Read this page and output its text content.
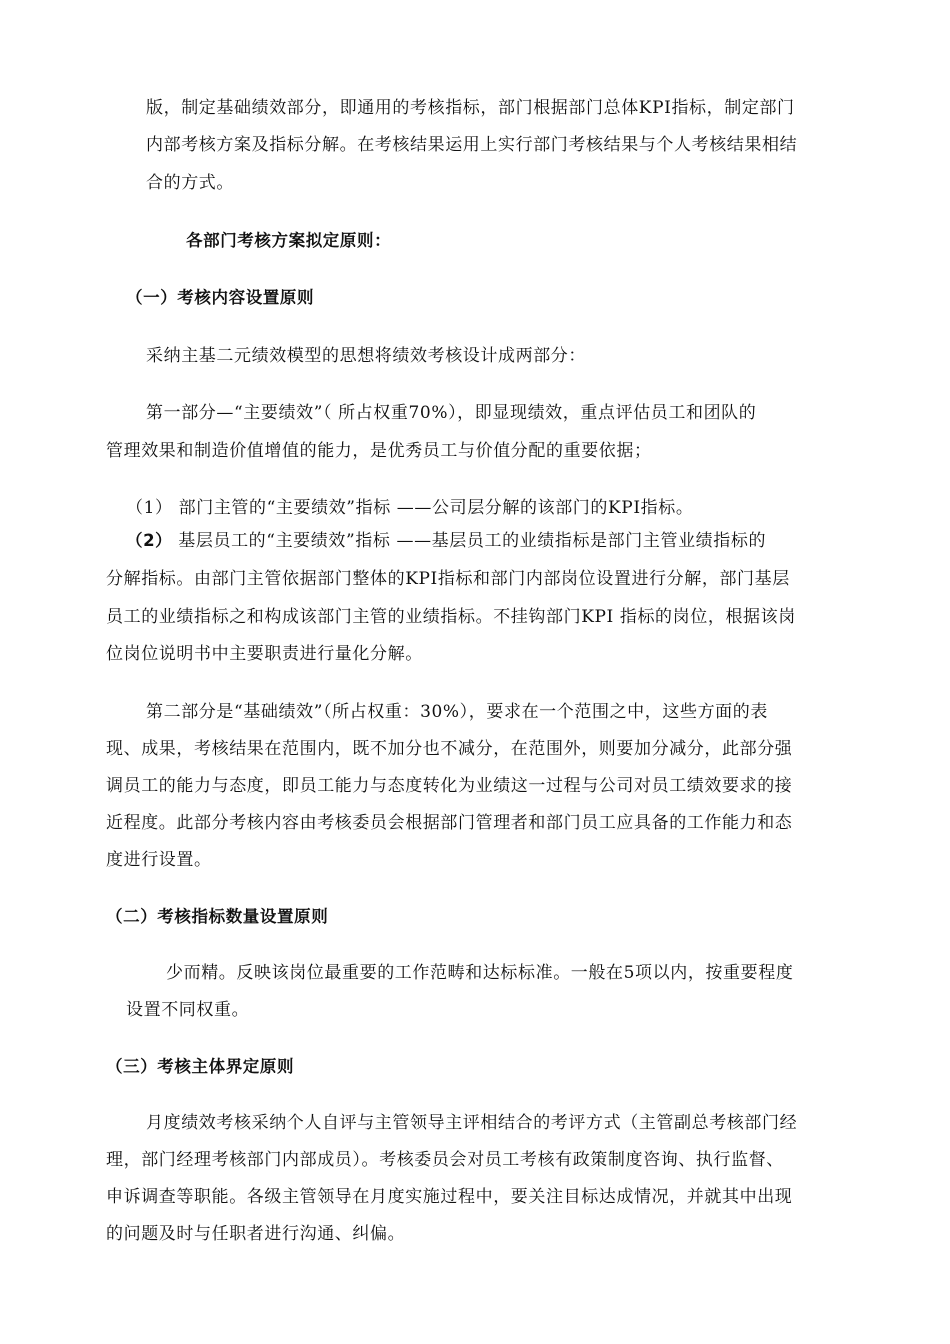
版，制定基础绩效部分，即通用的考核指标，部门根据部门总体KPI指标，制定部门
内部考核方案及指标分解。在考核结果运用上实行部门考核结果与个人考核结果相结
合的方式。
各部门考核方案拟定原则：
（一）考核内容设置原则
采纳主基二元绩效模型的思想将绩效考核设计成两部分：
第一部分—“主要绩效”（ 所占权重70%），即显现绩效，重点评估员工和团队的
管理效果和制造价值增值的能力，是优秀员工与价值分配的重要依据；
（1） 部门主管的“主要绩效”指标 ——公司层分解的该部门的KPI指标。
（2） 基层员工的“主要绩效”指标 ——基层员工的业绩指标是部门主管业绩指标的
分解指标。由部门主管依据部门整体的KPI指标和部门内部岗位设置进行分解，部门基层
员工的业绩指标之和构成该部门主管的业绩指标。不挂钩部门KPI 指标的岗位，根据该岗
位岗位说明书中主要职责进行量化分解。
第二部分是“基础绩效”（所占权重：30%），要求在一个范围之中，这些方面的表
现、成果，考核结果在范围内，既不加分也不减分，在范围外，则要加分减分，此部分强
调员工的能力与态度，即员工能力与态度转化为业绩这一过程与公司对员工绩效要求的接
近程度。此部分考核内容由考核委员会根据部门管理者和部门员工应具备的工作能力和态
度进行设置。
（二）考核指标数量设置原则
少而精。反映该岗位最重要的工作范畴和达标标准。一般在5项以内，按重要程度
设置不同权重。
（三）考核主体界定原则
月度绩效考核采纳个人自评与主管领导主评相结合的考评方式（主管副总考核部门经
理，部门经理考核部门内部成员）。考核委员会对员工考核有政策制度咨询、执行监督、
申诉调查等职能。各级主管领导在月度实施过程中，要关注目标达成情况，并就其中出现
的问题及时与任职者进行沟通、纠偏。
